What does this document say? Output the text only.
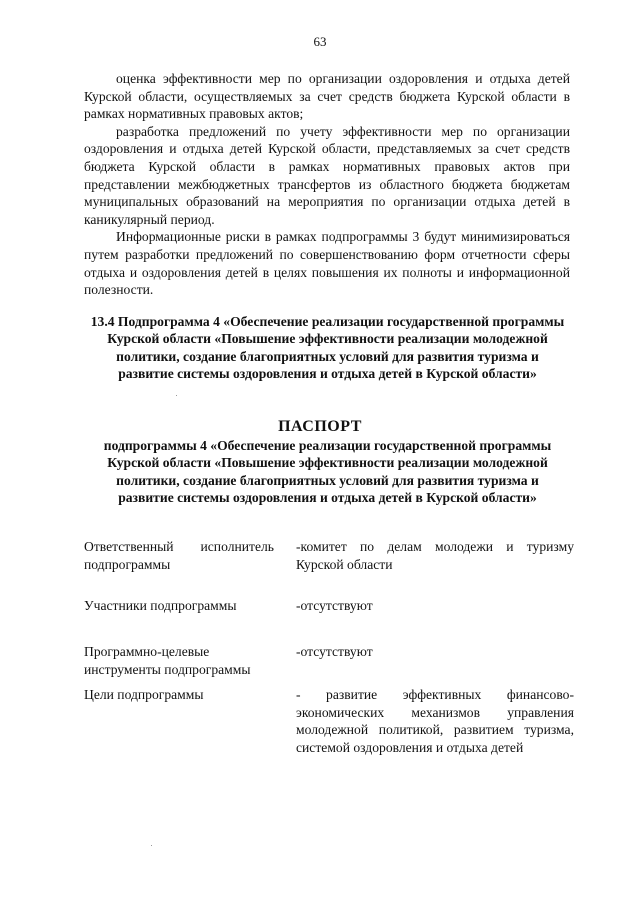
63

оценка эффективности мер по организации оздоровления и отдыха детей Курской области, осуществляемых за счет средств бюджета Курской области в рамках нормативных правовых актов;

разработка предложений по учету эффективности мер по организации оздоровления и отдыха детей Курской области, представляемых за счет средств бюджета Курской области в рамках нормативных правовых актов при представлении межбюджетных трансфертов из областного бюджета бюджетам муниципальных образований на мероприятия по организации отдыха детей в каникулярный период.

Информационные риски в рамках подпрограммы 3 будут минимизироваться путем разработки предложений по совершенствованию форм отчетности сферы отдыха и оздоровления детей в целях повышения их полноты и информационной полезности.

13.4 Подпрограмма 4 «Обеспечение реализации государственной программы Курской области «Повышение эффективности реализации молодежной политики, создание благоприятных условий для развития туризма и развитие системы оздоровления и отдыха детей в Курской области»
ПАСПОРТ
подпрограммы 4 «Обеспечение реализации государственной программы Курской области «Повышение эффективности реализации молодежной политики, создание благоприятных условий для развития туризма и развитие системы оздоровления и отдыха детей в Курской области»
Ответственный исполнитель подпрограммы
-комитет по делам молодежи и туризму Курской области
Участники подпрограммы	-отсутствуют
Программно-целевые инструменты подпрограммы
-отсутствуют
Цели подпрограммы	- развитие эффективных финансово-экономических механизмов управления молодежной политикой, развитием туризма, системой оздоровления и отдыха детей
